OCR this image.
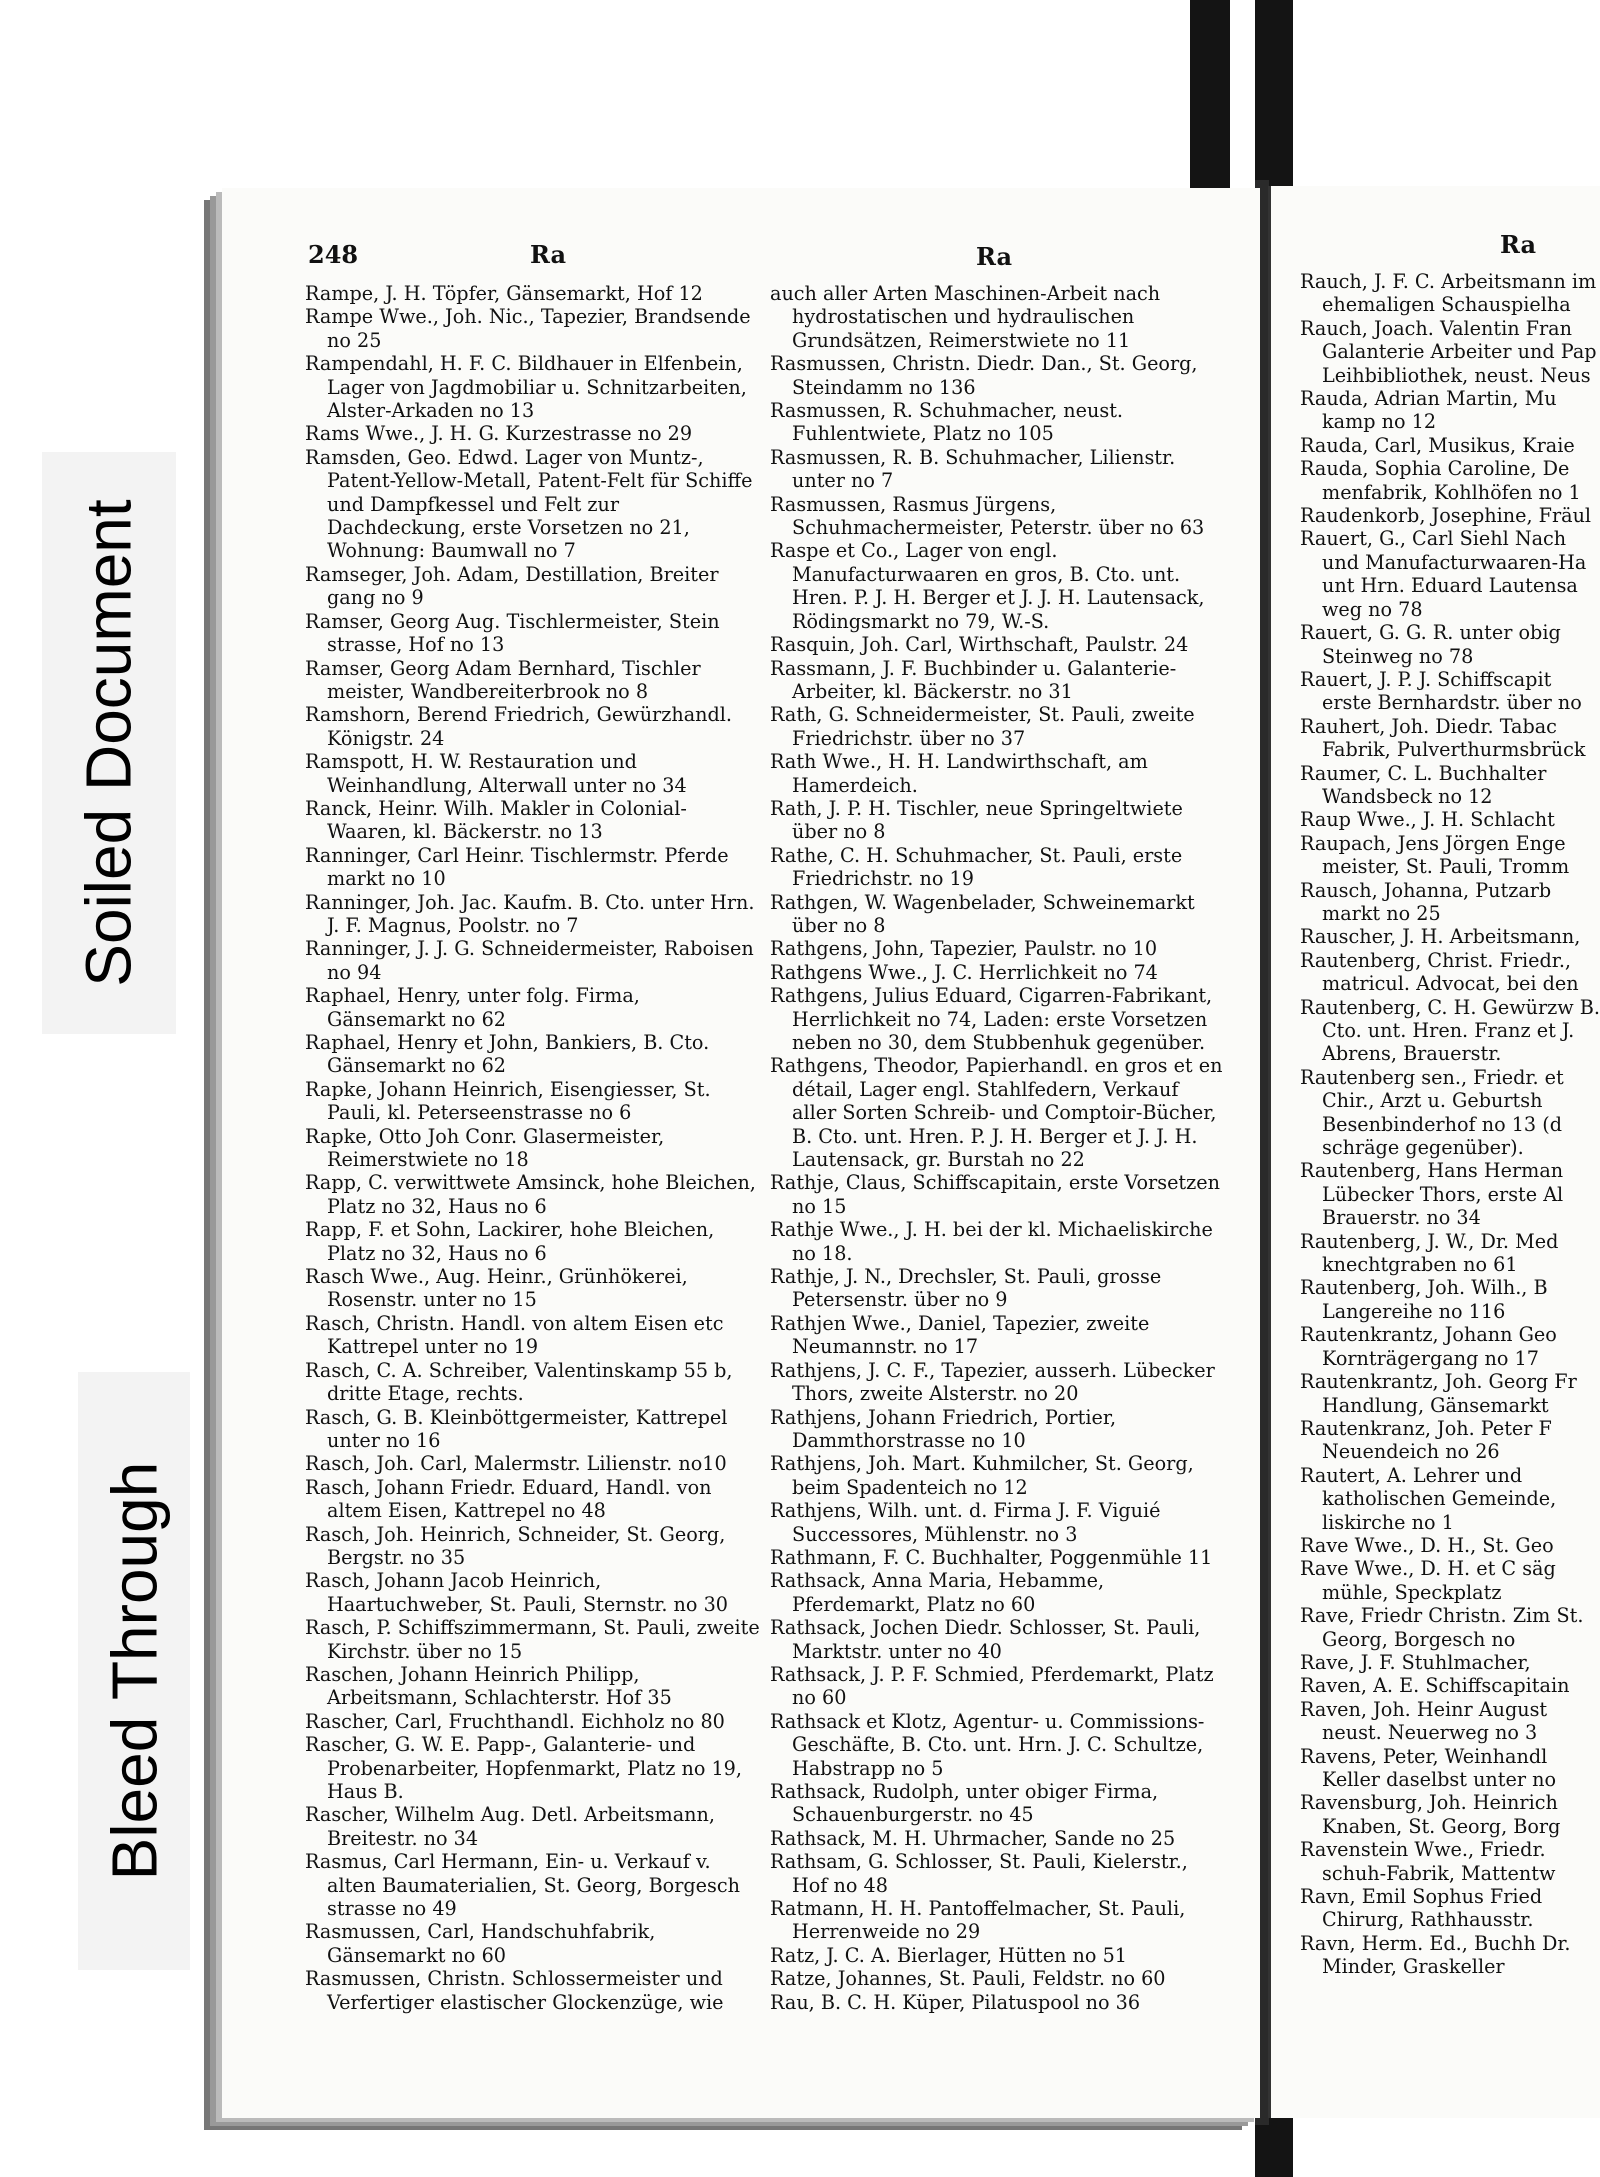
Soiled Document
Bleed Through
248	Ra	Ra

Rampe, J. H. Töpfer, Gänsemarkt, Hof 12

Rampe Wwe., Joh. Nic., Tapezier, Brandsende no 25

Rampendahl, H. F. C. Bildhauer in Elfenbein, Lager von Jagdmobiliar u. Schnitzarbeiten, Alster-Arkaden no 13

Rams Wwe., J. H. G. Kurzestrasse no 29

Ramsden, Geo. Edwd. Lager von Muntz-, Patent-Yellow-Metall, Patent-Felt für Schiffe und Dampfkessel und Felt zur Dachdeckung, erste Vorsetzen no 21, Wohnung: Baumwall no 7

Ramseger, Joh. Adam, Destillation, Breiter gang no 9

Ramser, Georg Aug. Tischlermeister, Stein strasse, Hof no 13

Ramser, Georg Adam Bernhard, Tischler meister, Wandbereiterbrook no 8

Ramshorn, Berend Friedrich, Gewürzhandl. Königstr. 24

Ramspott, H. W. Restauration und Weinhandlung, Alterwall unter no 34

Ranck, Heinr. Wilh. Makler in Colonial-Waaren, kl. Bäckerstr. no 13

Ranninger, Carl Heinr. Tischlermstr. Pferde markt no 10

Ranninger, Joh. Jac. Kaufm. B. Cto. unter Hrn. J. F. Magnus, Poolstr. no 7

Ranninger, J. J. G. Schneidermeister, Raboisen no 94

Raphael, Henry, unter folg. Firma, Gänsemarkt no 62

Raphael, Henry et John, Bankiers, B. Cto. Gänsemarkt no 62

Rapke, Johann Heinrich, Eisengiesser, St. Pauli, kl. Peterseenstrasse no 6

Rapke, Otto Joh Conr. Glasermeister, Reimerstwiete no 18

Rapp, C. verwittwete Amsinck, hohe Bleichen, Platz no 32, Haus no 6

Rapp, F. et Sohn, Lackirer, hohe Bleichen, Platz no 32, Haus no 6

Rasch Wwe., Aug. Heinr., Grünhökerei, Rosenstr. unter no 15

Rasch, Christn. Handl. von altem Eisen etc Kattrepel unter no 19

Rasch, C. A. Schreiber, Valentinskamp 55 b, dritte Etage, rechts.

Rasch, G. B. Kleinböttgermeister, Kattrepel unter no 16

Rasch, Joh. Carl, Malermstr. Lilienstr. no10

Rasch, Johann Friedr. Eduard, Handl. von altem Eisen, Kattrepel no 48

Rasch, Joh. Heinrich, Schneider, St. Georg, Bergstr. no 35

Rasch, Johann Jacob Heinrich, Haartuchweber, St. Pauli, Sternstr. no 30

Rasch, P. Schiffszimmermann, St. Pauli, zweite Kirchstr. über no 15

Raschen, Johann Heinrich Philipp, Arbeitsmann, Schlachterstr. Hof 35

Rascher, Carl, Fruchthandl. Eichholz no 80

Rascher, G. W. E. Papp-, Galanterie- und Probenarbeiter, Hopfenmarkt, Platz no 19, Haus B.

Rascher, Wilhelm Aug. Detl. Arbeitsmann, Breitestr. no 34

Rasmus, Carl Hermann, Ein- u. Verkauf v. alten Baumaterialien, St. Georg, Borgesch strasse no 49

Rasmussen, Carl, Handschuhfabrik, Gänsemarkt no 60

Rasmussen, Christn. Schlossermeister und Verfertiger elastischer Glockenzüge, wie

auch aller Arten Maschinen-Arbeit nach hydrostatischen und hydraulischen Grundsätzen, Reimerstwiete no 11

Rasmussen, Christn. Diedr. Dan., St. Georg, Steindamm no 136

Rasmussen, R. Schuhmacher, neust. Fuhlentwiete, Platz no 105

Rasmussen, R. B. Schuhmacher, Lilienstr. unter no 7

Rasmussen, Rasmus Jürgens, Schuhmachermeister, Peterstr. über no 63

Raspe et Co., Lager von engl. Manufacturwaaren en gros, B. Cto. unt. Hren. P. J. H. Berger et J. J. H. Lautensack, Rödingsmarkt no 79, W.-S.

Rasquin, Joh. Carl, Wirthschaft, Paulstr. 24

Rassmann, J. F. Buchbinder u. Galanterie-Arbeiter, kl. Bäckerstr. no 31

Rath, G. Schneidermeister, St. Pauli, zweite Friedrichstr. über no 37

Rath Wwe., H. H. Landwirthschaft, am Hamerdeich.

Rath, J. P. H. Tischler, neue Springeltwiete über no 8

Rathe, C. H. Schuhmacher, St. Pauli, erste Friedrichstr. no 19

Rathgen, W. Wagenbelader, Schweinemarkt über no 8

Rathgens, John, Tapezier, Paulstr. no 10

Rathgens Wwe., J. C. Herrlichkeit no 74

Rathgens, Julius Eduard, Cigarren-Fabrikant, Herrlichkeit no 74, Laden: erste Vorsetzen neben no 30, dem Stubbenhuk gegenüber.

Rathgens, Theodor, Papierhandl. en gros et en détail, Lager engl. Stahlfedern, Verkauf aller Sorten Schreib- und Comptoir-Bücher, B. Cto. unt. Hren. P. J. H. Berger et J. J. H. Lautensack, gr. Burstah no 22

Rathje, Claus, Schiffscapitain, erste Vorsetzen no 15

Rathje Wwe., J. H. bei der kl. Michaeliskirche no 18.

Rathje, J. N., Drechsler, St. Pauli, grosse Petersenstr. über no 9

Rathjen Wwe., Daniel, Tapezier, zweite Neumannstr. no 17

Rathjens, J. C. F., Tapezier, ausserh. Lübecker Thors, zweite Alsterstr. no 20

Rathjens, Johann Friedrich, Portier, Dammthorstrasse no 10

Rathjens, Joh. Mart. Kuhmilcher, St. Georg, beim Spadenteich no 12

Rathjens, Wilh. unt. d. Firma J. F. Viguié Successores, Mühlenstr. no 3

Rathmann, F. C. Buchhalter, Poggenmühle 11

Rathsack, Anna Maria, Hebamme, Pferdemarkt, Platz no 60

Rathsack, Jochen Diedr. Schlosser, St. Pauli, Marktstr. unter no 40

Rathsack, J. P. F. Schmied, Pferdemarkt, Platz no 60

Rathsack et Klotz, Agentur- u. Commissions-Geschäfte, B. Cto. unt. Hrn. J. C. Schultze, Habstrapp no 5

Rathsack, Rudolph, unter obiger Firma, Schauenburgerstr. no 45

Rathsack, M. H. Uhrmacher, Sande no 25

Rathsam, G. Schlosser, St. Pauli, Kielerstr., Hof no 48

Ratmann, H. H. Pantoffelmacher, St. Pauli, Herrenweide no 29

Ratz, J. C. A. Bierlager, Hütten no 51

Ratze, Johannes, St. Pauli, Feldstr. no 60

Rau, B. C. H. Küper, Pilatuspool no 36

Ra

Rauch, J. F. C. Arbeitsmann im ehemaligen Schauspielha

Rauch, Joach. Valentin Fran Galanterie Arbeiter und Pap Leihbibliothek, neust. Neus

Rauda, Adrian Martin, Mu kamp no 12

Rauda, Carl, Musikus, Kraie

Rauda, Sophia Caroline, De menfabrik, Kohlhöfen no 1

Raudenkorb, Josephine, Fräul

Rauert, G., Carl Siehl Nach und Manufacturwaaren-Ha unt Hrn. Eduard Lautensa weg no 78

Rauert, G. G. R. unter obig Steinweg no 78

Rauert, J. P. J. Schiffscapit erste Bernhardstr. über no

Rauhert, Joh. Diedr. Tabac Fabrik, Pulverthurmsbrück

Raumer, C. L. Buchhalter Wandsbeck no 12

Raup Wwe., J. H. Schlacht

Raupach, Jens Jörgen Enge meister, St. Pauli, Tromm

Rausch, Johanna, Putzarb markt no 25

Rauscher, J. H. Arbeitsmann,

Rautenberg, Christ. Friedr., matricul. Advocat, bei den

Rautenberg, C. H. Gewürzw B. Cto. unt. Hren. Franz et J. Abrens, Brauerstr.

Rautenberg sen., Friedr. et Chir., Arzt u. Geburtsh Besenbinderhof no 13 (d schräge gegenüber).

Rautenberg, Hans Herman Lübecker Thors, erste Al Brauerstr. no 34

Rautenberg, J. W., Dr. Med knechtgraben no 61

Rautenberg, Joh. Wilh., B Langereihe no 116

Rautenkrantz, Johann Geo Kornträgergang no 17

Rautenkrantz, Joh. Georg Fr Handlung, Gänsemarkt

Rautenkranz, Joh. Peter F Neuendeich no 26

Rautert, A. Lehrer und katholischen Gemeinde, liskirche no 1

Rave Wwe., D. H., St. Geo

Rave Wwe., D. H. et C säg mühle, Speckplatz

Rave, Friedr Christn. Zim St. Georg, Borgesch no

Rave, J. F. Stuhlmacher,

Raven, A. E. Schiffscapitain

Raven, Joh. Heinr August neust. Neuerweg no 3

Ravens, Peter, Weinhandl Keller daselbst unter no

Ravensburg, Joh. Heinrich Knaben, St. Georg, Borg

Ravenstein Wwe., Friedr. schuh-Fabrik, Mattentw

Ravn, Emil Sophus Fried Chirurg, Rathhausstr.

Ravn, Herm. Ed., Buchh Dr. Minder, Graskeller
